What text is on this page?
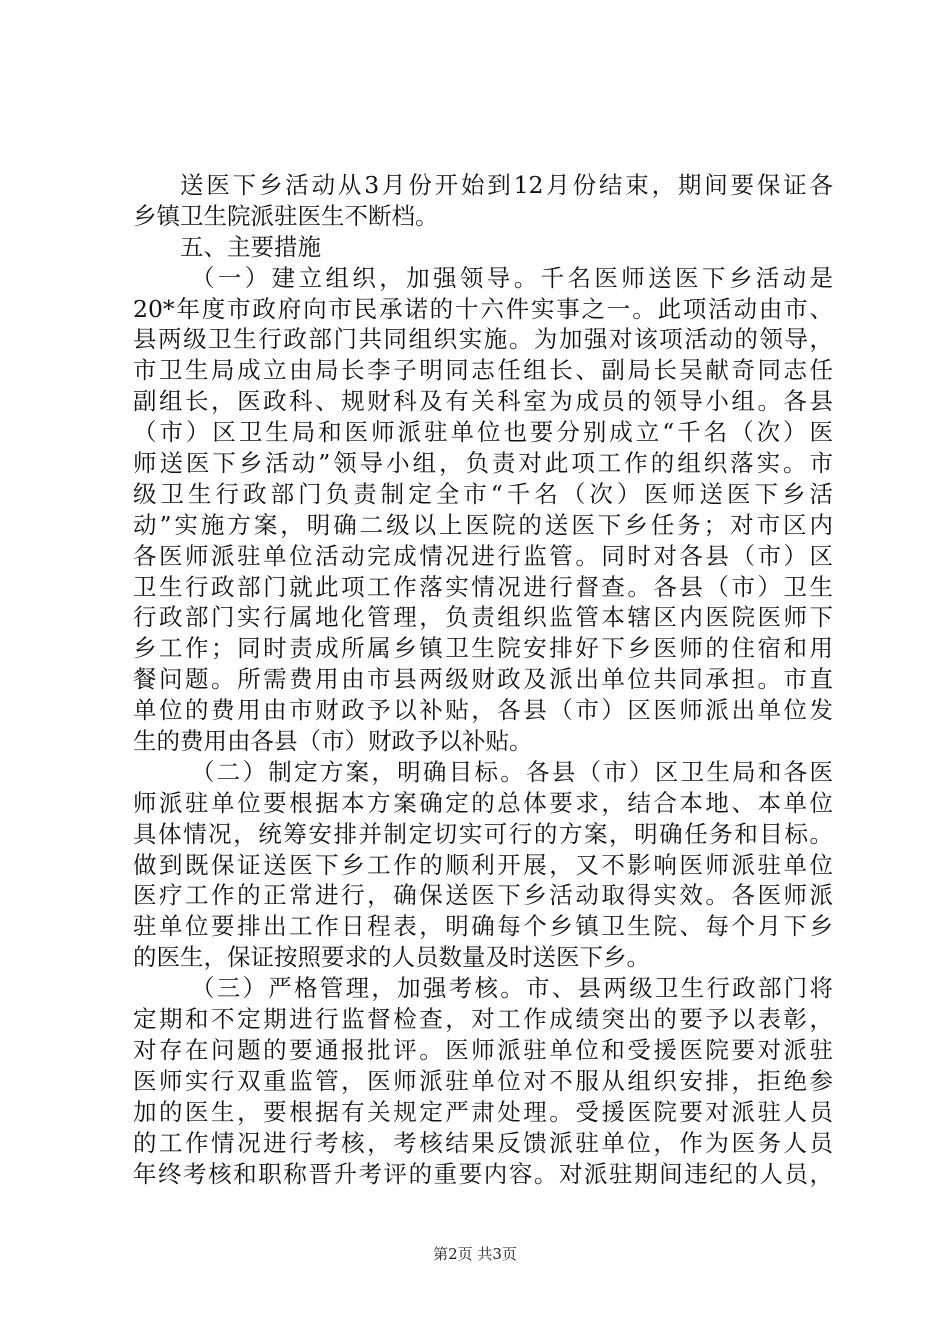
送医下乡活动从3月份开始到12月份结束，期间要保证各
乡镇卫生院派驻医生不断档。
五、主要措施
（一）建立组织，加强领导。千名医师送医下乡活动是
20*年度市政府向市民承诺的十六件实事之一。此项活动由市、
县两级卫生行政部门共同组织实施。为加强对该项活动的领导，
市卫生局成立由局长李子明同志任组长、副局长吴献奇同志任
副组长，医政科、规财科及有关科室为成员的领导小组。各县
（市）区卫生局和医师派驻单位也要分别成立“千名（次）医
师送医下乡活动”领导小组，负责对此项工作的组织落实。市
级卫生行政部门负责制定全市“千名（次）医师送医下乡活
动”实施方案，明确二级以上医院的送医下乡任务；对市区内
各医师派驻单位活动完成情况进行监管。同时对各县（市）区
卫生行政部门就此项工作落实情况进行督查。各县（市）卫生
行政部门实行属地化管理，负责组织监管本辖区内医院医师下
乡工作；同时责成所属乡镇卫生院安排好下乡医师的住宿和用
餐问题。所需费用由市县两级财政及派出单位共同承担。市直
单位的费用由市财政予以补贴，各县（市）区医师派出单位发
生的费用由各县（市）财政予以补贴。
（二）制定方案，明确目标。各县（市）区卫生局和各医
师派驻单位要根据本方案确定的总体要求，结合本地、本单位
具体情况，统筹安排并制定切实可行的方案，明确任务和目标。
做到既保证送医下乡工作的顺利开展，又不影响医师派驻单位
医疗工作的正常进行，确保送医下乡活动取得实效。各医师派
驻单位要排出工作日程表，明确每个乡镇卫生院、每个月下乡
的医生，保证按照要求的人员数量及时送医下乡。
（三）严格管理，加强考核。市、县两级卫生行政部门将
定期和不定期进行监督检查，对工作成绩突出的要予以表彰，
对存在问题的要通报批评。医师派驻单位和受援医院要对派驻
医师实行双重监管，医师派驻单位对不服从组织安排，拒绝参
加的医生，要根据有关规定严肃处理。受援医院要对派驻人员
的工作情况进行考核，考核结果反馈派驻单位，作为医务人员
年终考核和职称晋升考评的重要内容。对派驻期间违纪的人员，
第2页 共3页
